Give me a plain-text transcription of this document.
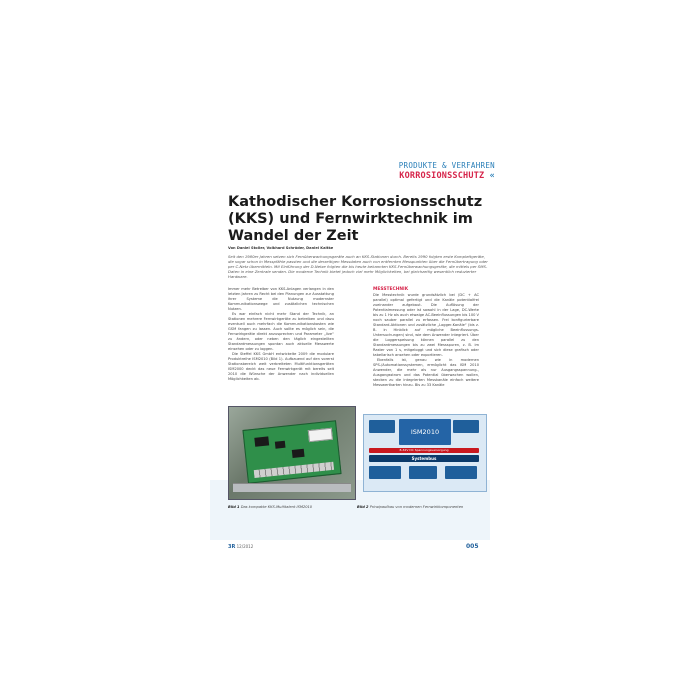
PRODUKTE & VERFAHREN
KORROSIONSSCHUTZ «
Kathodischer Korrosionsschutz (KKS) und Fernwirktechnik im Wandel der Zeit
Von Daniel Stoller, Volkhard Schröder, Daniel Kaltke

Seit den 1980er Jahren setzen sich Fernüberwachungsgeräte auch an KKS-Stationen durch. Bereits 1990 folgten erste Komplettgeräte, die sogar schon in Messpfähle passten und die derzeitigen Messdaten auch von entfernten Messpunkten über die Fernübertragung oder per C-Netz übermitteln. Mit Einführung der D-Netze folgten die bis heute bekannten KKS-Fernüberwachungsgeräte, die mittels per SMS-Daten in eine Zentrale senden. Die moderne Technik bietet jedoch viel mehr Möglichkeiten, bei gleichzeitig wesentlich reduzierter Hardware.

Immer mehr Betreiber von KKS-Anlagen verlangen in den letzten Jahren zu Recht bei den Planungen zur Ausstattung ihrer Systeme die Nutzung modernster Kommunikationswege und zusätzlichen technischen Nutzen.

Es war einfach nicht mehr Stand der Technik, an Stationen mehrere Fernwirkgeräte zu betreiben und dazu eventuell auch mehrfach die Kommunikationskosten wie GSM fangen zu lassen. Auch sollte es möglich sein, die Fernwirkgeräte direkt anzusprechen und Parameter „live“ zu ändern, oder neben den täglich eingestellten Standardmessungen spontan auch aktuelle Messwerte einsehen oder zu loggen.

Die Steffel KKS GmbH entwickelte 2009 die modulare Produktreihe ISM2010 (Bild 1). Aufbauend auf den vorerst Stationsbereich weit verbreiteten Multifunktionsgeräten ISM2000 deckt das neue Fernwirkgerät mit bereits seit 2010 die Wünsche der Anwender nach individuellen Möglichkeiten ab.

MESSTECHNIK

Die Messtechnik wurde grundsätzlich bei (DC + AC parallel) optimal gefertigt und die Kanäle potentialfrei zueinander aufgebaut. Die Auflösung der Potentialmessung oder ist sowohl in der Lage, DC-Werte bis zu 1 Hz als auch etwaige AC-Beeinflussungen bis 100 V noch sauber parallel zu erfassen. Frei konfigurierbare Standard-Aktionen und zusätzliche „Logger-Kanäle“ (bis z. B. in Hinblick auf mögliche Beeinflussungs-Untersuchungen) sind, wie dem Anwender integriert. Über die Loggerspeisung können parallel zu den Standardmessungen bis zu zwei Messspuren, z. B. im Raster von 1 s, mitgeloggt und sich diese grafisch oder tabellarisch ansehen oder exportieren.

Ebenfalls ist, genau wie in modernen SPS-/Automationssystemen, ermöglicht das ISM 2010 Anwender, die mehr als nur Ausgangsspannung-, Ausgangsstrom und das Potential überwachen wollen, stecken zu die integrierten Messkanäle einfach weitere Messwertkarten hinzu. Bis zu 33 Kanäle

ISM2010
8-32V DC Spannungsversorgung
Systembus
Bild 1 Das kompakte KKS-Multitalent ISM2010	Bild 2 Prinzipaufbau von modernen Fernwirkkomponenten
3R 12/2012	005
